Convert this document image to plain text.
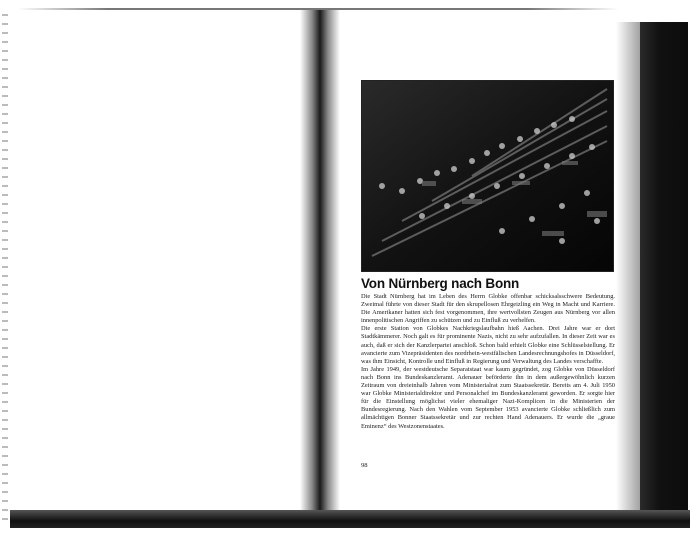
Von Nürnberg nach Bonn

Die Stadt Nürnberg hat im Leben des Herrn Globke offenbar schicksalsschwere Bedeutung. Zweimal führte von dieser Stadt für den skrupellosen Ehrgeizling ein Weg in Macht und Karriere. Die Amerikaner hatten sich fest vorgenommen, ihre wertvollsten Zeugen aus Nürnberg vor allen innenpolitischen Angriffen zu schützen und zu Einfluß zu verhelfen.

Die erste Station von Globkes Nachkriegslaufbahn hieß Aachen. Drei Jahre war er dort Stadtkämmerer. Noch galt es für prominente Nazis, nicht zu sehr aufzufallen. In dieser Zeit war es auch, daß er sich der Kanzlerpartei anschloß. Schon bald erhielt Globke eine Schlüsselstellung. Er avancierte zum Vizepräsidenten des nordrhein-westfälischen Landesrechnungshofes in Düsseldorf, was ihm Einsicht, Kontrolle und Einfluß in Regierung und Verwaltung des Landes verschaffte.

Im Jahre 1949, der westdeutsche Separatstaat war kaum gegründet, zog Globke von Düsseldorf nach Bonn ins Bundeskanzleramt. Adenauer beförderte ihn in dem außergewöhnlich kurzen Zeitraum von dreieinhalb Jahren vom Ministerialrat zum Staatssekretär. Bereits am 4. Juli 1950 war Globke Ministerialdirektor und Personalchef im Bundeskanzleramt geworden. Er sorgte hier für die Einstellung möglichst vieler ehemaliger Nazi-Komplicen in die Ministerien der Bundesregierung. Nach den Wahlen vom September 1953 avancierte Globke schließlich zum allmächtigen Bonner Staatssekretär und zur rechten Hand Adenauers. Er wurde die „graue Eminenz“ des Westzonenstaates.

98
